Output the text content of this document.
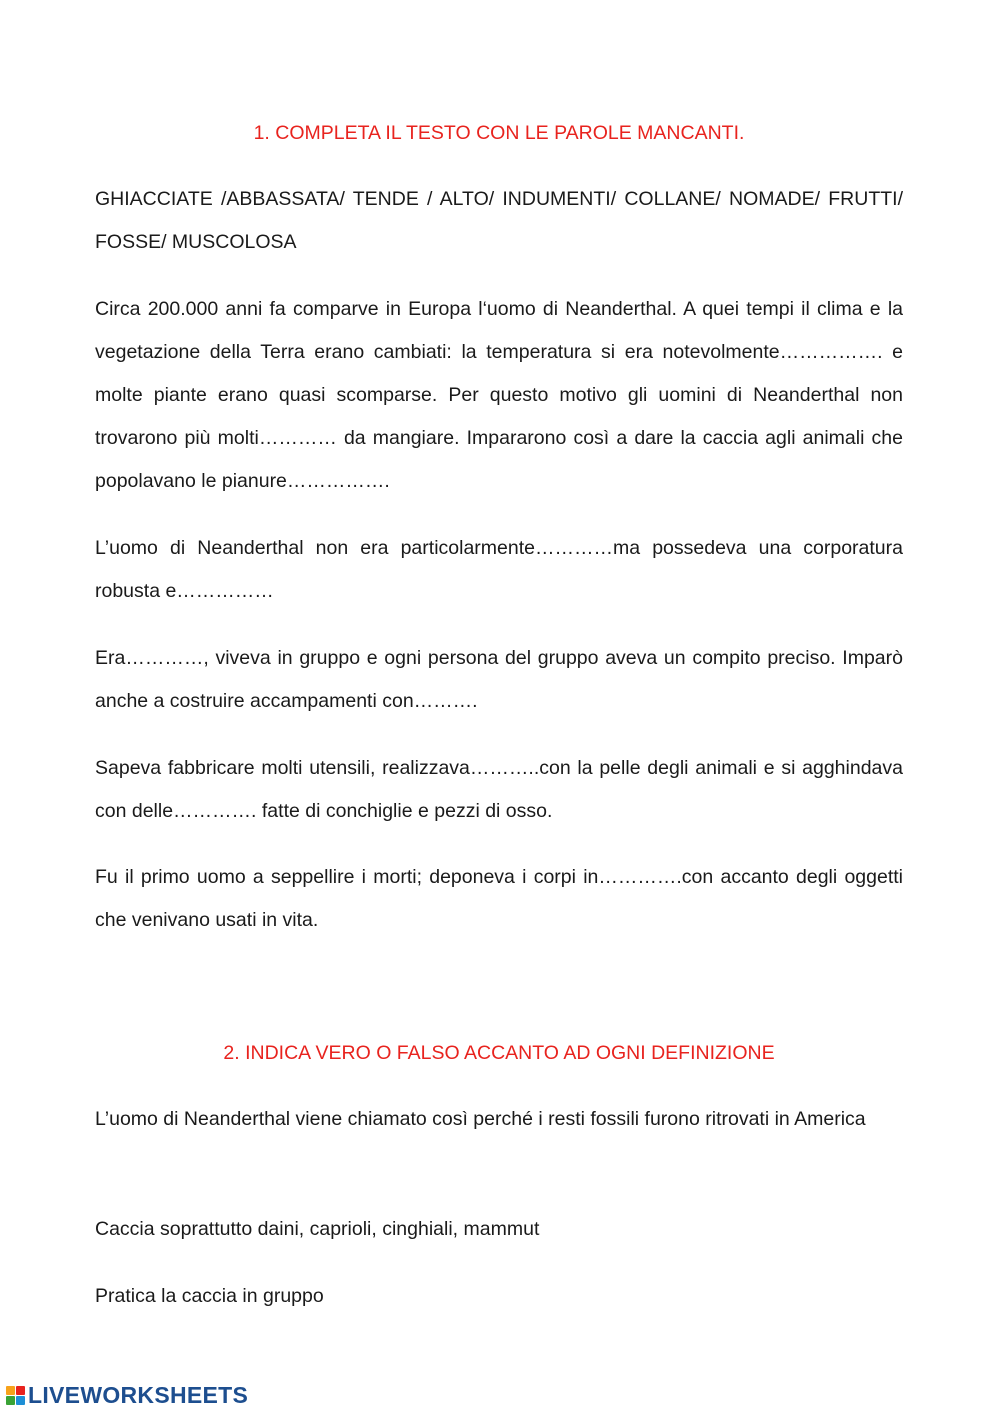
1. COMPLETA IL TESTO CON LE PAROLE MANCANTI.

GHIACCIATE /ABBASSATA/ TENDE / ALTO/ INDUMENTI/ COLLANE/ NOMADE/ FRUTTI/ FOSSE/ MUSCOLOSA

Circa 200.000 anni fa comparve in Europa l‘uomo di Neanderthal. A quei tempi il clima e la vegetazione della Terra erano cambiati: la temperatura si era notevolmente……………. e molte piante erano quasi scomparse. Per questo motivo gli uomini di Neanderthal non trovarono più molti………… da mangiare. Impararono così a dare la caccia agli animali che popolavano le pianure…………….

L’uomo di Neanderthal non era particolarmente…………ma possedeva una corporatura robusta e……………

Era…………, viveva in gruppo e ogni persona del gruppo aveva un compito preciso. Imparò anche a costruire accampamenti con……….

Sapeva fabbricare molti utensili, realizzava………..con la pelle degli animali e si agghindava con delle…………. fatte di conchiglie e pezzi di osso.

Fu il primo uomo a seppellire i morti; deponeva i corpi in………….con accanto degli oggetti che venivano usati in vita.

2. INDICA VERO O FALSO ACCANTO AD OGNI DEFINIZIONE

L’uomo di Neanderthal viene chiamato così perché i resti fossili furono ritrovati in America

Caccia soprattutto daini, caprioli, cinghiali, mammut

Pratica la caccia in gruppo

LIVEWORKSHEETS
